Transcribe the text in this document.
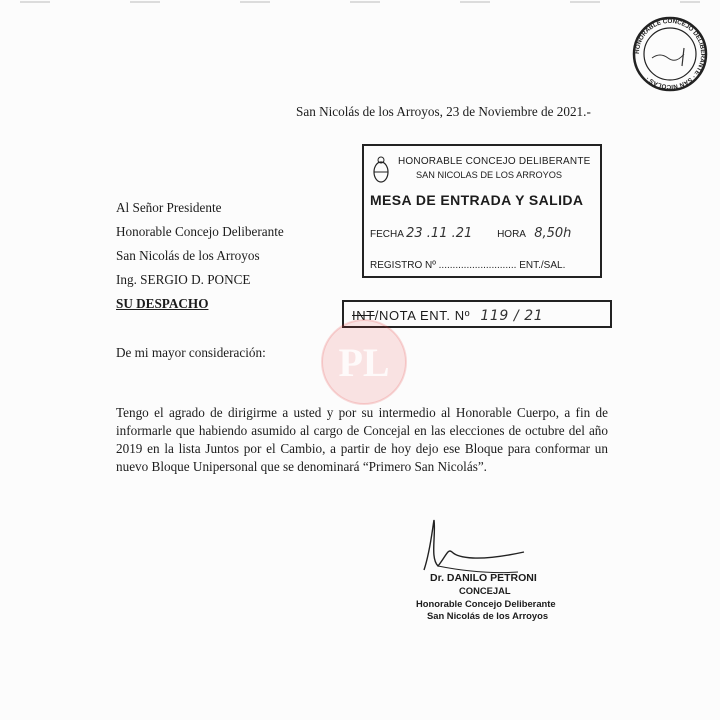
HONORABLE CONCEJO DELIBERANTE · SAN NICOLAS ·
San Nicolás de los Arroyos, 23 de Noviembre de 2021.-
Al Señor Presidente
Honorable Concejo Deliberante
San Nicolás de los Arroyos
Ing. SERGIO D. PONCE
SU DESPACHO
HONORABLE CONCEJO DELIBERANTE
SAN NICOLAS DE LOS ARROYOS
MESA DE ENTRADA Y SALIDA
FECHA 23 .11 .21 HORA 8,50h
REGISTRO Nº ............................ ENT./SAL.
INT/NOTA ENT. Nº 119 / 21
PL
De mi mayor consideración:
Tengo el agrado de dirigirme a usted y por su intermedio al Honorable Cuerpo, a fin de informarle que habiendo asumido al cargo de Concejal en las elecciones de octubre del año 2019 en la lista Juntos por el Cambio, a partir de hoy dejo ese Bloque para conformar un nuevo Bloque Unipersonal que se denominará “Primero San Nicolás”.
Dr. DANILO PETRONI
CONCEJAL
Honorable Concejo Deliberante
San Nicolás de los Arroyos
